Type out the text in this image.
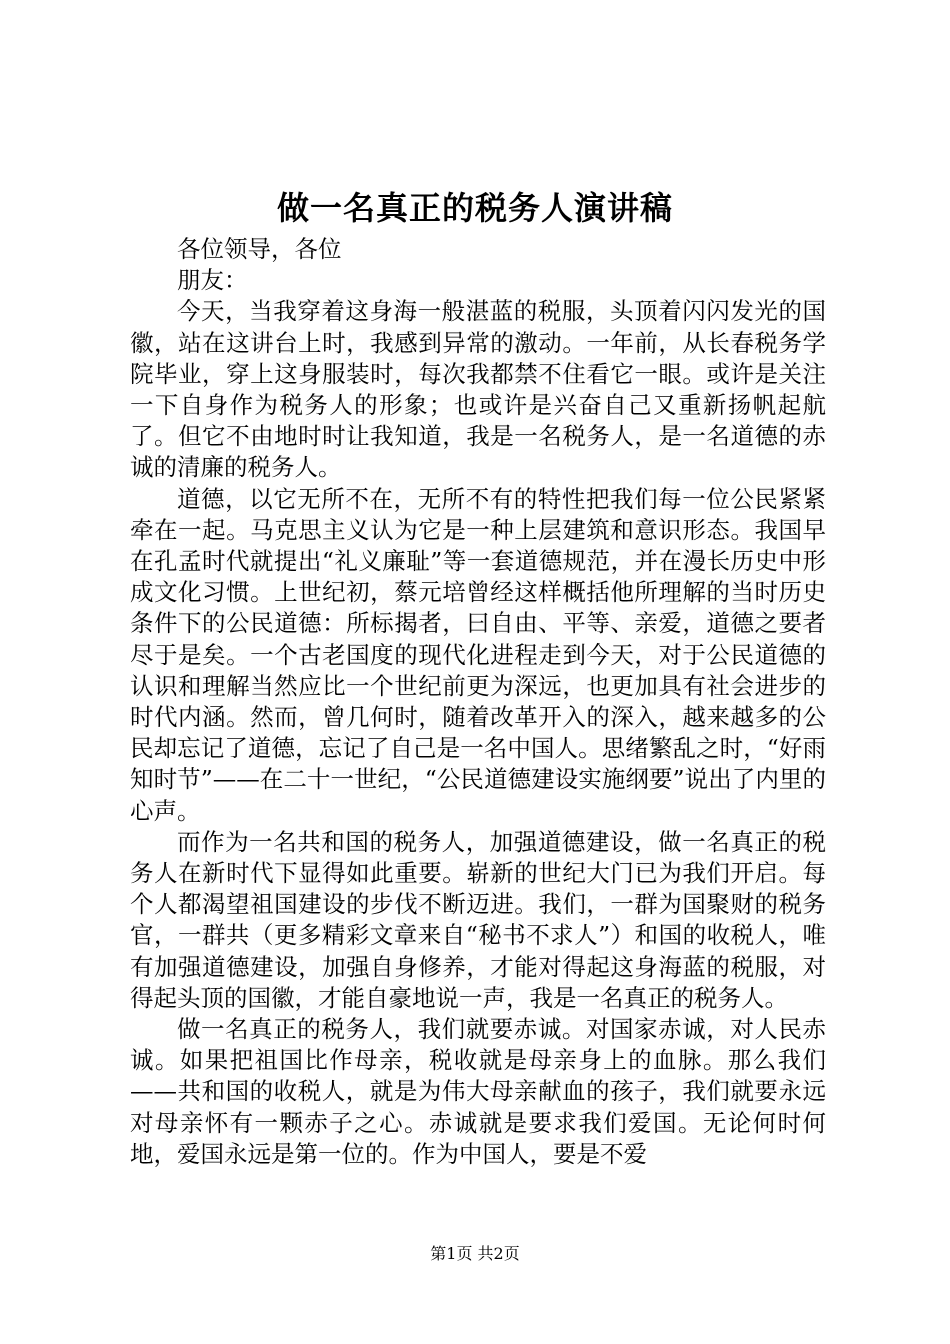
做一名真正的税务人演讲稿

各位领导，各位

朋友：

今天，当我穿着这身海一般湛蓝的税服，头顶着闪闪发光的国徽，站在这讲台上时，我感到异常的激动。一年前，从长春税务学院毕业，穿上这身服装时，每次我都禁不住看它一眼。或许是关注一下自身作为税务人的形象；也或许是兴奋自己又重新扬帆起航了。但它不由地时时让我知道，我是一名税务人，是一名道德的赤诚的清廉的税务人。

道德，以它无所不在，无所不有的特性把我们每一位公民紧紧牵在一起。马克思主义认为它是一种上层建筑和意识形态。我国早在孔孟时代就提出“礼义廉耻”等一套道德规范，并在漫长历史中形成文化习惯。上世纪初，蔡元培曾经这样概括他所理解的当时历史条件下的公民道德：所标揭者，曰自由、平等、亲爱，道德之要者尽于是矣。一个古老国度的现代化进程走到今天，对于公民道德的认识和理解当然应比一个世纪前更为深远，也更加具有社会进步的时代内涵。然而，曾几何时，随着改革开入的深入，越来越多的公民却忘记了道德，忘记了自己是一名中国人。思绪繁乱之时，“好雨知时节”——在二十一世纪，“公民道德建设实施纲要”说出了内里的心声。

而作为一名共和国的税务人，加强道德建设，做一名真正的税务人在新时代下显得如此重要。崭新的世纪大门已为我们开启。每个人都渴望祖国建设的步伐不断迈进。我们，一群为国聚财的税务官，一群共（更多精彩文章来自“秘书不求人”）和国的收税人，唯有加强道德建设，加强自身修养，才能对得起这身海蓝的税服，对得起头顶的国徽，才能自豪地说一声，我是一名真正的税务人。

做一名真正的税务人，我们就要赤诚。对国家赤诚，对人民赤诚。如果把祖国比作母亲，税收就是母亲身上的血脉。那么我们——共和国的收税人，就是为伟大母亲献血的孩子，我们就要永远对母亲怀有一颗赤子之心。赤诚就是要求我们爱国。无论何时何地，爱国永远是第一位的。作为中国人，要是不爱

第1页 共2页
